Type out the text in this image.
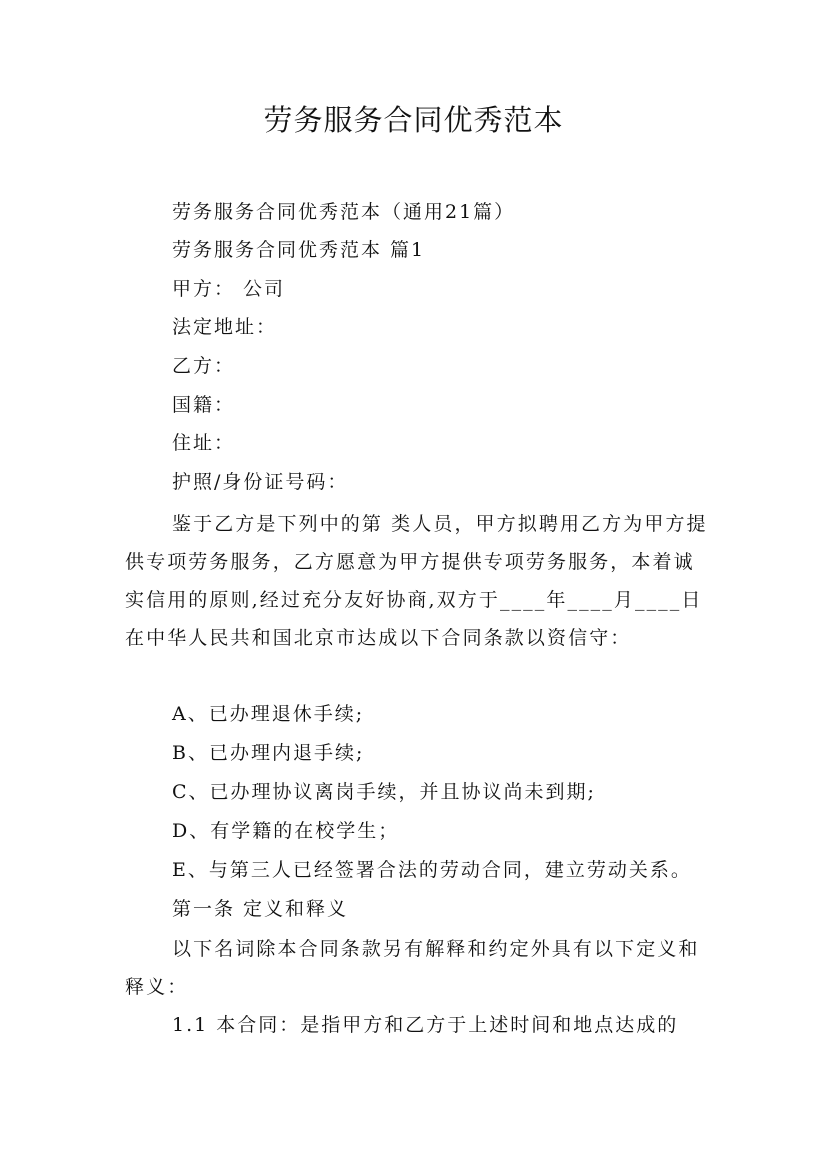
劳务服务合同优秀范本
劳务服务合同优秀范本（通用21篇）
劳务服务合同优秀范本 篇1
甲方： 公司
法定地址：
乙方：
国籍：
住址：
护照/身份证号码：

鉴于乙方是下列中的第 类人员，甲方拟聘用乙方为甲方提供专项劳务服务，乙方愿意为甲方提供专项劳务服务，本着诚实信用的原则,经过充分友好协商,双方于____年____月____日在中华人民共和国北京市达成以下合同条款以资信守：

A、已办理退休手续;
B、已办理内退手续;
C、已办理协议离岗手续，并且协议尚未到期;
D、有学籍的在校学生；
E、与第三人已经签署合法的劳动合同，建立劳动关系。
第一条 定义和释义

以下名词除本合同条款另有解释和约定外具有以下定义和释义：

1.1 本合同：是指甲方和乙方于上述时间和地点达成的
